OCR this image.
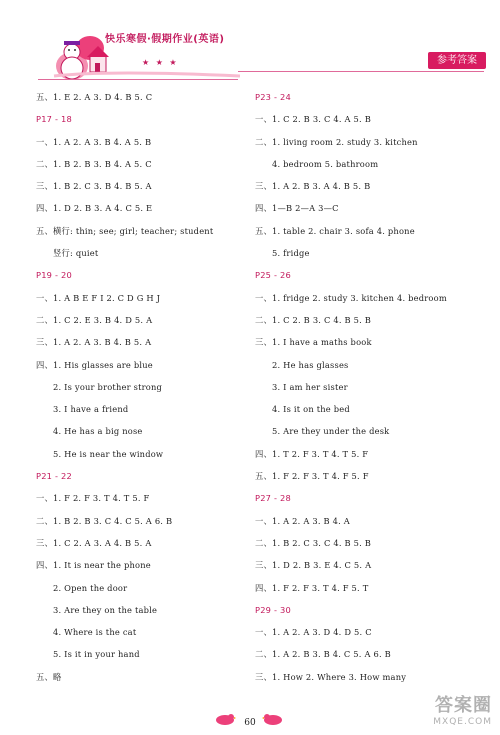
快乐寒假·假期作业(英语)
★ ★ ★	参考答案
五、1. E 2. A 3. D 4. B 5. C
P17 - 18
一、1. A 2. A 3. B 4. A 5. B
二、1. B 2. B 3. B 4. A 5. C
三、1. B 2. C 3. B 4. B 5. A
四、1. D 2. B 3. A 4. C 5. E
五、横行: thin; see; girl; teacher; student
竖行: quiet
P19 - 20
一、1. A B E F I 2. C D G H J
二、1. C 2. E 3. B 4. D 5. A
三、1. A 2. A 3. B 4. B 5. A
四、1. His glasses are blue
2. Is your brother strong
3. I have a friend
4. He has a big nose
5. He is near the window
P21 - 22
一、1. F 2. F 3. T 4. T 5. F
二、1. B 2. B 3. C 4. C 5. A 6. B
三、1. C 2. A 3. A 4. B 5. A
四、1. It is near the phone
2. Open the door
3. Are they on the table
4. Where is the cat
5. Is it in your hand
五、略
P23 - 24
一、1. C 2. B 3. C 4. A 5. B
二、1. living room 2. study 3. kitchen
4. bedroom 5. bathroom
三、1. A 2. B 3. A 4. B 5. B
四、1—B 2—A 3—C
五、1. table 2. chair 3. sofa 4. phone
5. fridge
P25 - 26
一、1. fridge 2. study 3. kitchen 4. bedroom
二、1. C 2. B 3. C 4. B 5. B
三、1. I have a maths book
2. He has glasses
3. I am her sister
4. Is it on the bed
5. Are they under the desk
四、1. T 2. F 3. T 4. T 5. F
五、1. F 2. F 3. T 4. F 5. F
P27 - 28
一、1. A 2. A 3. B 4. A
二、1. B 2. C 3. C 4. B 5. B
三、1. D 2. B 3. E 4. C 5. A
四、1. F 2. F 3. T 4. F 5. T
P29 - 30
一、1. A 2. A 3. D 4. D 5. C
二、1. A 2. B 3. B 4. C 5. A 6. B
三、1. How 2. Where 3. How many
60
答案圈
MXQE.COM
